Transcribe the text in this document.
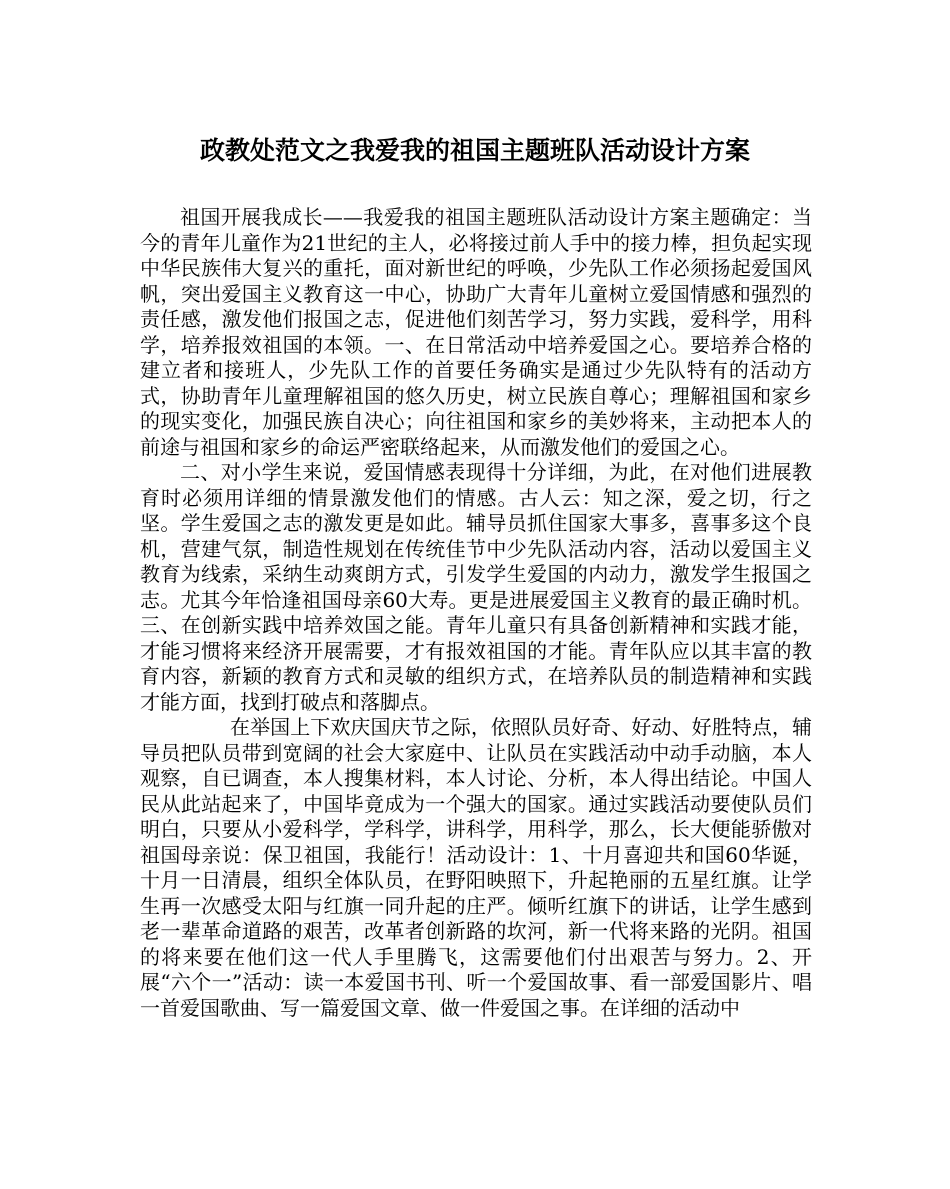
政教处范文之我爱我的祖国主题班队活动设计方案

祖国开展我成长——我爱我的祖国主题班队活动设计方案主题确定：当今的青年儿童作为21世纪的主人，必将接过前人手中的接力棒，担负起实现中华民族伟大复兴的重托，面对新世纪的呼唤，少先队工作必须扬起爱国风帆，突出爱国主义教育这一中心，协助广大青年儿童树立爱国情感和强烈的责任感，激发他们报国之志，促进他们刻苦学习，努力实践，爱科学，用科学，培养报效祖国的本领。一、在日常活动中培养爱国之心。要培养合格的建立者和接班人，少先队工作的首要任务确实是通过少先队特有的活动方式，协助青年儿童理解祖国的悠久历史，树立民族自尊心；理解祖国和家乡的现实变化，加强民族自决心；向往祖国和家乡的美妙将来，主动把本人的前途与祖国和家乡的命运严密联络起来，从而激发他们的爱国之心。

二、对小学生来说，爱国情感表现得十分详细，为此，在对他们进展教育时必须用详细的情景激发他们的情感。古人云：知之深，爱之切，行之坚。学生爱国之志的激发更是如此。辅导员抓住国家大事多，喜事多这个良机，营建气氛，制造性规划在传统佳节中少先队活动内容，活动以爱国主义教育为线索，采纳生动爽朗方式，引发学生爱国的内动力，激发学生报国之志。尤其今年恰逢祖国母亲60大寿。更是进展爱国主义教育的最正确时机。三、在创新实践中培养效国之能。青年儿童只有具备创新精神和实践才能，才能习惯将来经济开展需要，才有报效祖国的才能。青年队应以其丰富的教育内容，新颖的教育方式和灵敏的组织方式，在培养队员的制造精神和实践才能方面，找到打破点和落脚点。

在举国上下欢庆国庆节之际，依照队员好奇、好动、好胜特点，辅导员把队员带到宽阔的社会大家庭中、让队员在实践活动中动手动脑，本人观察，自已调查，本人搜集材料，本人讨论、分析，本人得出结论。中国人民从此站起来了，中国毕竟成为一个强大的国家。通过实践活动要使队员们明白，只要从小爱科学，学科学，讲科学，用科学，那么，长大便能骄傲对祖国母亲说：保卫祖国，我能行！活动设计：1、十月喜迎共和国60华诞，十月一日清晨，组织全体队员，在野阳映照下，升起艳丽的五星红旗。让学生再一次感受太阳与红旗一同升起的庄严。倾听红旗下的讲话，让学生感到老一辈革命道路的艰苦，改革者创新路的坎河，新一代将来路的光阴。祖国的将来要在他们这一代人手里腾飞，这需要他们付出艰苦与努力。2、开展“六个一”活动：读一本爱国书刊、听一个爱国故事、看一部爱国影片、唱一首爱国歌曲、写一篇爱国文章、做一件爱国之事。在详细的活动中
